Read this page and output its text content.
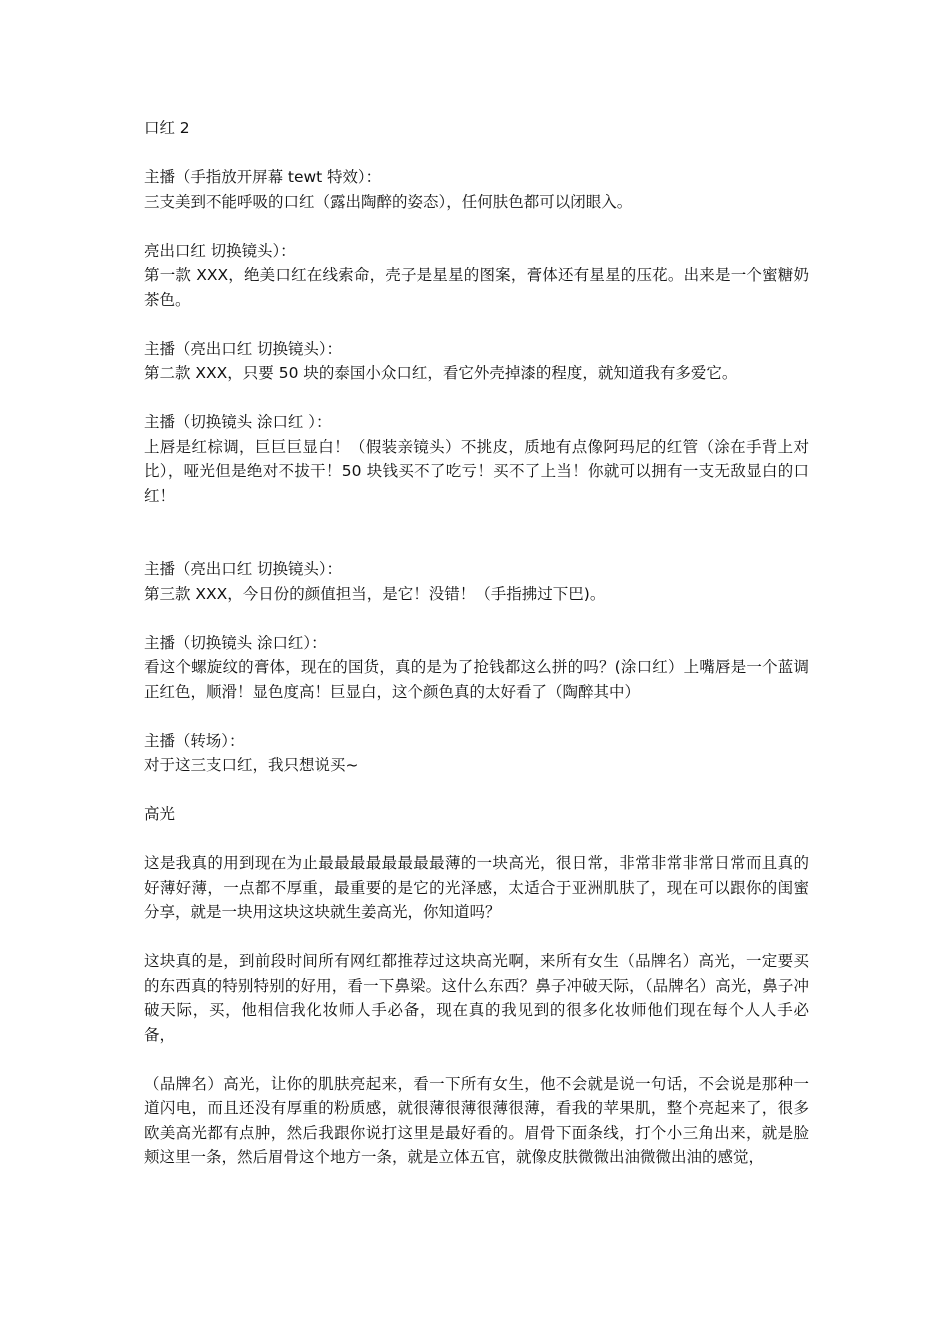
口红 2

主播（手指放开屏幕 tewt 特效）：

三支美到不能呼吸的口红（露出陶醉的姿态），任何肤色都可以闭眼入。

亮出口红 切换镜头）：

第一款 XXX，绝美口红在线索命，壳子是星星的图案，膏体还有星星的压花。出来是一个蜜糖奶茶色。

主播（亮出口红 切换镜头）：

第二款 XXX，只要 50 块的泰国小众口红，看它外壳掉漆的程度，就知道我有多爱它。

主播（切换镜头 涂口红 ）：

上唇是红棕调，巨巨巨显白！（假装亲镜头）不挑皮，质地有点像阿玛尼的红管（涂在手背上对比），哑光但是绝对不拔干！50 块钱买不了吃亏！买不了上当！你就可以拥有一支无敌显白的口红！

主播（亮出口红 切换镜头）：

第三款 XXX，今日份的颜值担当，是它！没错！（手指拂过下巴)。

主播（切换镜头 涂口红）：

看这个螺旋纹的膏体，现在的国货，真的是为了抢钱都这么拼的吗？(涂口红）上嘴唇是一个蓝调正红色，顺滑！显色度高！巨显白，这个颜色真的太好看了（陶醉其中）

主播（转场）：

对于这三支口红，我只想说买~

高光

这是我真的用到现在为止最最最最最最最最薄的一块高光，很日常，非常非常非常日常而且真的好薄好薄，一点都不厚重，最重要的是它的光泽感，太适合于亚洲肌肤了，现在可以跟你的闺蜜分享，就是一块用这块这块就生姜高光，你知道吗？

这块真的是，到前段时间所有网红都推荐过这块高光啊，来所有女生（品牌名）高光，一定要买的东西真的特别特别的好用，看一下鼻梁。这什么东西？鼻子冲破天际，（品牌名）高光，鼻子冲破天际，买，他相信我化妆师人手必备，现在真的我见到的很多化妆师他们现在每个人人手必备，

（品牌名）高光，让你的肌肤亮起来，看一下所有女生，他不会就是说一句话，不会说是那种一道闪电，而且还没有厚重的粉质感，就很薄很薄很薄很薄，看我的苹果肌，整个亮起来了，很多欧美高光都有点肿，然后我跟你说打这里是最好看的。眉骨下面条线，打个小三角出来，就是脸颊这里一条，然后眉骨这个地方一条，就是立体五官，就像皮肤微微出油微微出油的感觉，
